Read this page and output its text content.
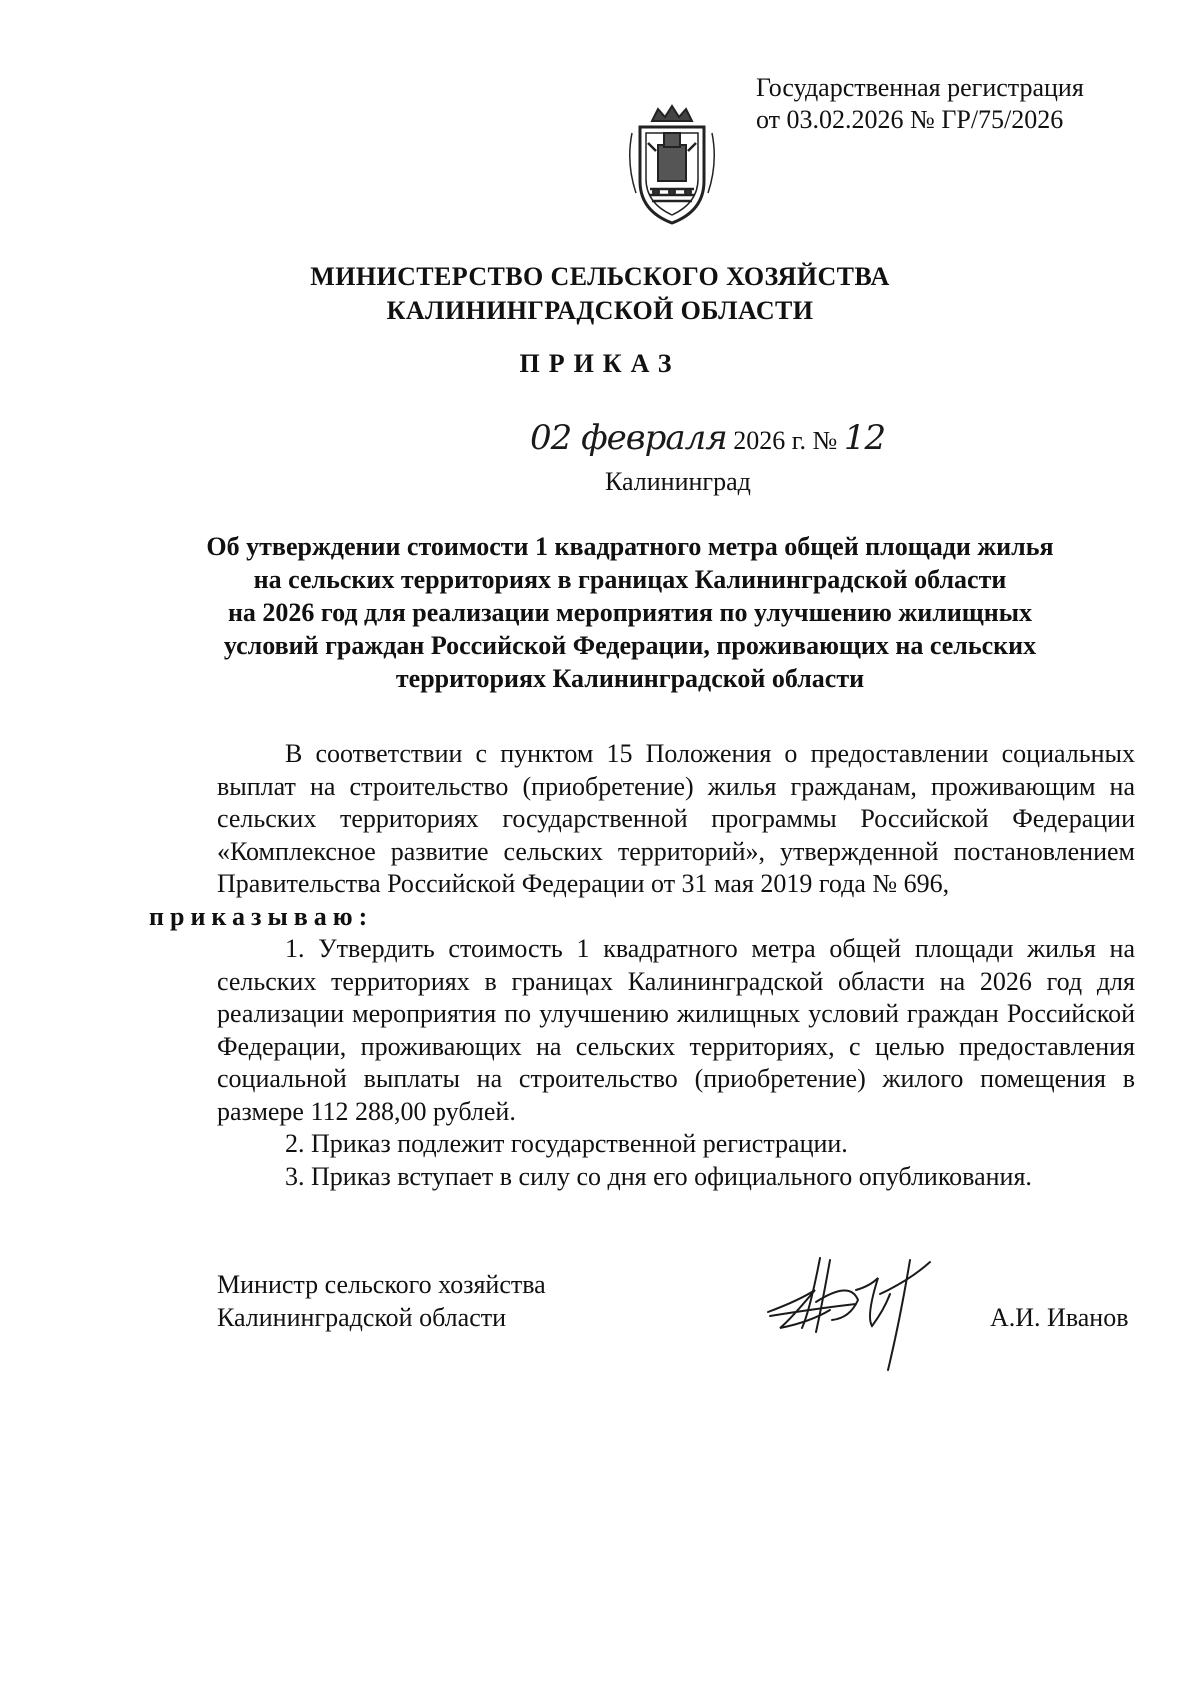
Государственная регистрация
от 03.02.2026 № ГР/75/2026
МИНИСТЕРСТВО СЕЛЬСКОГО ХОЗЯЙСТВА
КАЛИНИНГРАДСКОЙ ОБЛАСТИ
ПРИКАЗ
02 февраля 2026 г. № 12
Калининград
Об утверждении стоимости 1 квадратного метра общей площади жилья
на сельских территориях в границах Калининградской области
на 2026 год для реализации мероприятия по улучшению жилищных
условий граждан Российской Федерации, проживающих на сельских
территориях Калининградской области

В соответствии с пунктом 15 Положения о предоставлении социальных выплат на строительство (приобретение) жилья гражданам, проживающим на сельских территориях государственной программы Российской Федерации «Комплексное развитие сельских территорий», утвержденной постановлением Правительства Российской Федерации от 31 мая 2019 года № 696,
приказываю:

1. Утвердить стоимость 1 квадратного метра общей площади жилья на сельских территориях в границах Калининградской области на 2026 год для реализации мероприятия по улучшению жилищных условий граждан Российской Федерации, проживающих на сельских территориях, с целью предоставления социальной выплаты на строительство (приобретение) жилого помещения в размере 112 288,00 рублей.

2. Приказ подлежит государственной регистрации.

3. Приказ вступает в силу со дня его официального опубликования.

Министр сельского хозяйства
Калининградской области	А.И. Иванов
